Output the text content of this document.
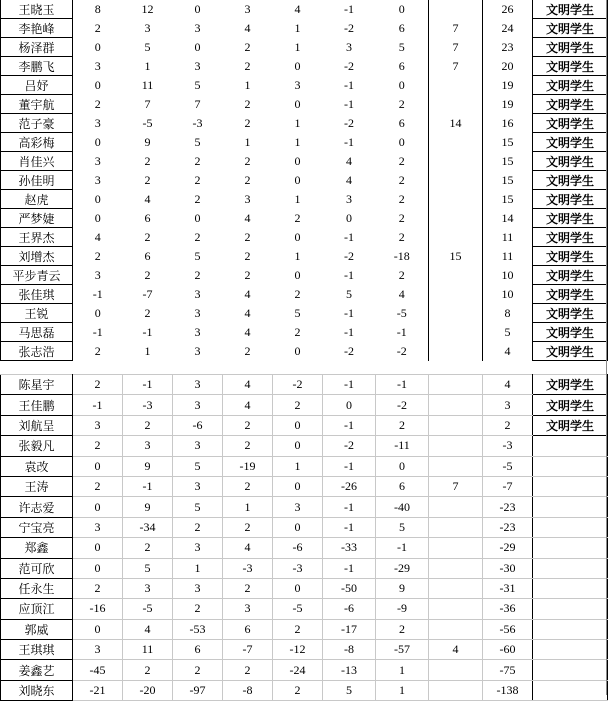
王晓玉	8	12	0	3	4	-1	0		26	文明学生
李艳峰	2	3	3	4	1	-2	6	7	24	文明学生
杨泽群	0	5	0	2	1	3	5	7	23	文明学生
李鹏飞	3	1	3	2	0	-2	6	7	20	文明学生
吕妤	0	11	5	1	3	-1	0		19	文明学生
董宇航	2	7	7	2	0	-1	2		19	文明学生
范子豪	3	-5	-3	2	1	-2	6	14	16	文明学生
高彩梅	0	9	5	1	1	-1	0		15	文明学生
肖佳兴	3	2	2	2	0	4	2		15	文明学生
孙佳明	3	2	2	2	0	4	2		15	文明学生
赵虎	0	4	2	3	1	3	2		15	文明学生
严梦婕	0	6	0	4	2	0	2		14	文明学生
王界杰	4	2	2	2	0	-1	2		11	文明学生
刘增杰	2	6	5	2	1	-2	-18	15	11	文明学生
平步青云	3	2	2	2	0	-1	2		10	文明学生
张佳琪	-1	-7	3	4	2	5	4		10	文明学生
王锐	0	2	3	4	5	-1	-5		8	文明学生
马思磊	-1	-1	3	4	2	-1	-1		5	文明学生
张志浩	2	1	3	2	0	-2	-2		4	文明学生
陈星宇	2	-1	3	4	-2	-1	-1		4	文明学生
王佳鹏	-1	-3	3	4	2	0	-2		3	文明学生
刘航呈	3	2	-6	2	0	-1	2		2	文明学生
张毅凡	2	3	3	2	0	-2	-11		-3	
袁改	0	9	5	-19	1	-1	0		-5	
王涛	2	-1	3	2	0	-26	6	7	-7	
许志爱	0	9	5	1	3	-1	-40		-23	
宁宝亮	3	-34	2	2	0	-1	5		-23	
郑鑫	0	2	3	4	-6	-33	-1		-29	
范可欣	0	5	1	-3	-3	-1	-29		-30	
任永生	2	3	3	2	0	-50	9		-31	
应顶江	-16	-5	2	3	-5	-6	-9		-36	
郭威	0	4	-53	6	2	-17	2		-56	
王琪琪	3	11	6	-7	-12	-8	-57	4	-60	
姜鑫艺	-45	2	2	2	-24	-13	1		-75	
刘晓东	-21	-20	-97	-8	2	5	1		-138	
